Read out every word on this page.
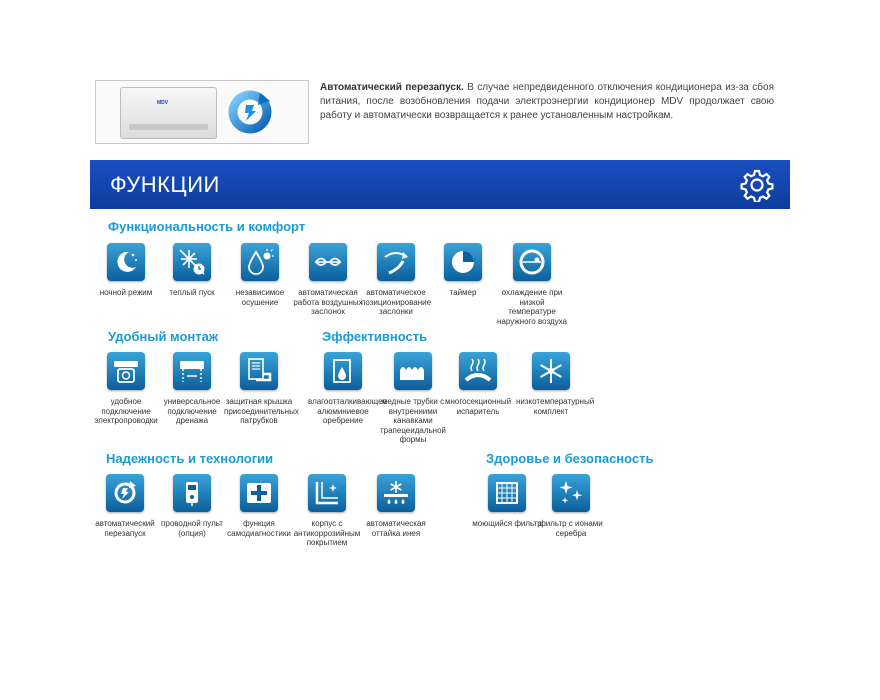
MDV
Автоматический перезапуск. В случае непредвиденного отключения кондиционера из-за сбоя питания, после возобновления подачи электроэнергии кондиционер MDV продолжает свою работу и автоматически возвращается к ранее установленным настройкам.
ФУНКЦИИ
Функциональность и комфорт
Удобный монтаж	Эффективность
Надежность и технологии	Здоровье и безопасность
ночной режим	теплый пуск	независимое осушение
автоматическая работа воздушных заслонок
автоматическое позиционирование заслонки
таймер	охлаждение при низкой температуре наружного воздуха
удобное подключение электропроводки
универсальное подключение дренажа
защитная крышка присоединительных патрубков
влагоотталкивающее алюминиевое оребрение
медные трубки с внутренними канавками трапецеидальной формы
многосекционный испаритель
низкотемпературный комплект
автоматический перезапуск
проводной пульт (опция)
функция самодиагностики
корпус с антикоррозийным покрытием
автоматическая оттайка инея
моющийся фильтр
фильтр с ионами серебра
